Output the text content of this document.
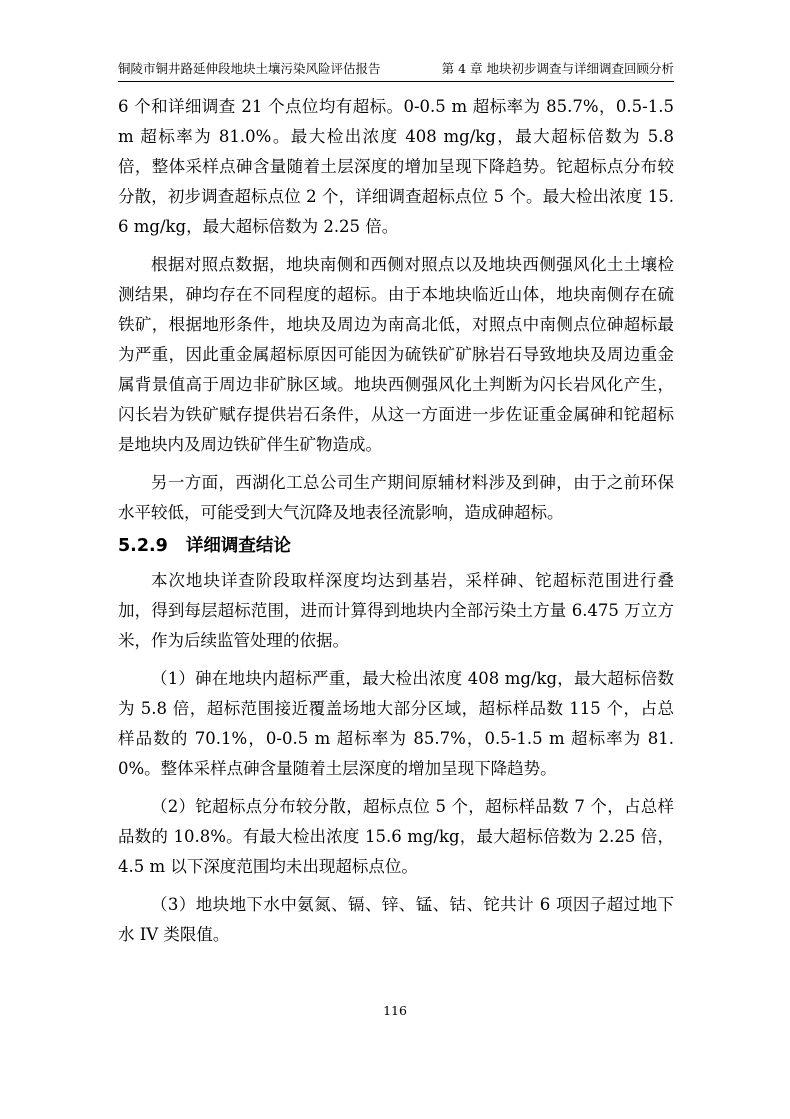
铜陵市铜井路延伸段地块土壤污染风险评估报告	第 4 章 地块初步调查与详细调查回顾分析

6 个和详细调查 21 个点位均有超标。0-0.5 m 超标率为 85.7%，0.5-1.5 m 超标率为 81.0%。最大检出浓度 408 mg/kg，最大超标倍数为 5.8 倍，整体采样点砷含量随着土层深度的增加呈现下降趋势。铊超标点分布较分散，初步调查超标点位 2 个，详细调查超标点位 5 个。最大检出浓度 15.6 mg/kg，最大超标倍数为 2.25 倍。

根据对照点数据，地块南侧和西侧对照点以及地块西侧强风化土土壤检测结果，砷均存在不同程度的超标。由于本地块临近山体，地块南侧存在硫铁矿，根据地形条件，地块及周边为南高北低，对照点中南侧点位砷超标最为严重，因此重金属超标原因可能因为硫铁矿矿脉岩石导致地块及周边重金属背景值高于周边非矿脉区域。地块西侧强风化土判断为闪长岩风化产生，闪长岩为铁矿赋存提供岩石条件，从这一方面进一步佐证重金属砷和铊超标是地块内及周边铁矿伴生矿物造成。

另一方面，西湖化工总公司生产期间原辅材料涉及到砷，由于之前环保水平较低，可能受到大气沉降及地表径流影响，造成砷超标。

5.2.9 详细调查结论

本次地块详查阶段取样深度均达到基岩，采样砷、铊超标范围进行叠加，得到每层超标范围，进而计算得到地块内全部污染土方量 6.475 万立方米，作为后续监管处理的依据。

（1）砷在地块内超标严重，最大检出浓度 408 mg/kg，最大超标倍数为 5.8 倍，超标范围接近覆盖场地大部分区域，超标样品数 115 个，占总样品数的 70.1%，0-0.5 m 超标率为 85.7%，0.5-1.5 m 超标率为 81.0%。整体采样点砷含量随着土层深度的增加呈现下降趋势。

（2）铊超标点分布较分散，超标点位 5 个，超标样品数 7 个，占总样品数的 10.8%。有最大检出浓度 15.6 mg/kg，最大超标倍数为 2.25 倍，4.5 m 以下深度范围均未出现超标点位。

（3）地块地下水中氨氮、镉、锌、锰、钴、铊共计 6 项因子超过地下水 IV 类限值。

116
